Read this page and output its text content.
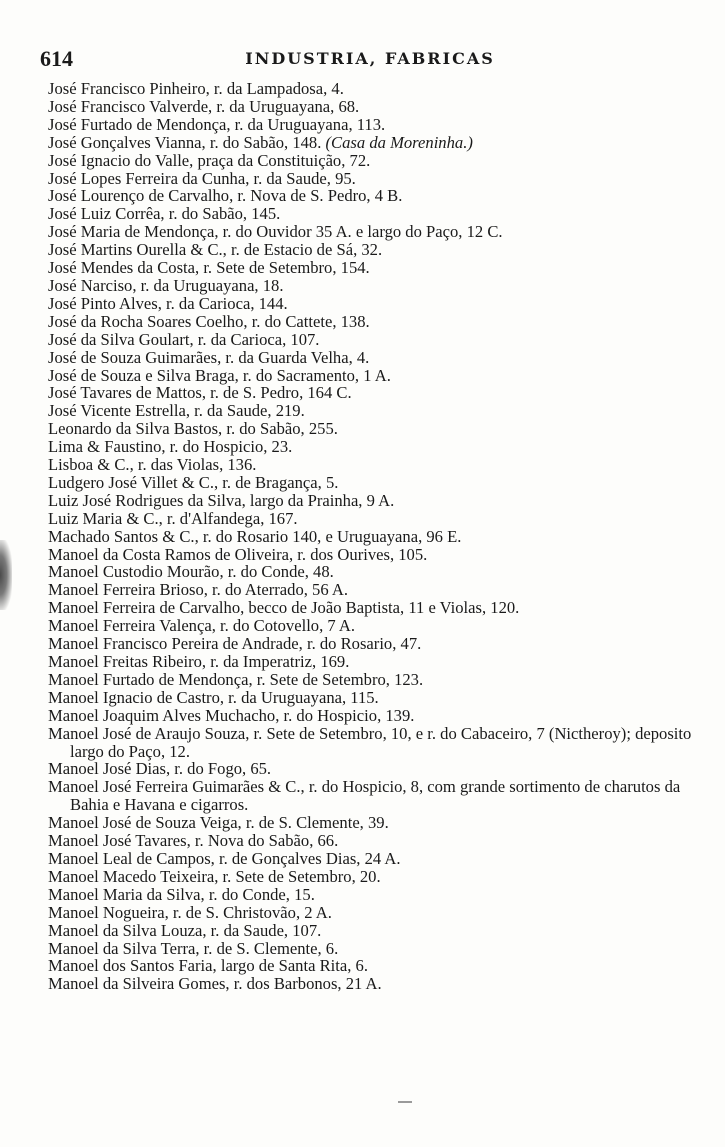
614	INDUSTRIA, FABRICAS
José Francisco Pinheiro, r. da Lampadosa, 4.
José Francisco Valverde, r. da Uruguayana, 68.
José Furtado de Mendonça, r. da Uruguayana, 113.
José Gonçalves Vianna, r. do Sabão, 148. (Casa da Moreninha.)
José Ignacio do Valle, praça da Constituição, 72.
José Lopes Ferreira da Cunha, r. da Saude, 95.
José Lourenço de Carvalho, r. Nova de S. Pedro, 4 B.
José Luiz Corrêa, r. do Sabão, 145.
José Maria de Mendonça, r. do Ouvidor 35 A. e largo do Paço, 12 C.
José Martins Ourella & C., r. de Estacio de Sá, 32.
José Mendes da Costa, r. Sete de Setembro, 154.
José Narciso, r. da Uruguayana, 18.
José Pinto Alves, r. da Carioca, 144.
José da Rocha Soares Coelho, r. do Cattete, 138.
José da Silva Goulart, r. da Carioca, 107.
José de Souza Guimarães, r. da Guarda Velha, 4.
José de Souza e Silva Braga, r. do Sacramento, 1 A.
José Tavares de Mattos, r. de S. Pedro, 164 C.
José Vicente Estrella, r. da Saude, 219.
Leonardo da Silva Bastos, r. do Sabão, 255.
Lima & Faustino, r. do Hospicio, 23.
Lisboa & C., r. das Violas, 136.
Ludgero José Villet & C., r. de Bragança, 5.
Luiz José Rodrigues da Silva, largo da Prainha, 9 A.
Luiz Maria & C., r. d'Alfandega, 167.
Machado Santos & C., r. do Rosario 140, e Uruguayana, 96 E.
Manoel da Costa Ramos de Oliveira, r. dos Ourives, 105.
Manoel Custodio Mourão, r. do Conde, 48.
Manoel Ferreira Brioso, r. do Aterrado, 56 A.
Manoel Ferreira de Carvalho, becco de João Baptista, 11 e Violas, 120.
Manoel Ferreira Valença, r. do Cotovello, 7 A.
Manoel Francisco Pereira de Andrade, r. do Rosario, 47.
Manoel Freitas Ribeiro, r. da Imperatriz, 169.
Manoel Furtado de Mendonça, r. Sete de Setembro, 123.
Manoel Ignacio de Castro, r. da Uruguayana, 115.
Manoel Joaquim Alves Muchacho, r. do Hospicio, 139.
Manoel José de Araujo Souza, r. Sete de Setembro, 10, e r. do Cabaceiro, 7 (Nictheroy); deposito largo do Paço, 12.
Manoel José Dias, r. do Fogo, 65.
Manoel José Ferreira Guimarães & C., r. do Hospicio, 8, com grande sortimento de charutos da Bahia e Havana e cigarros.
Manoel José de Souza Veiga, r. de S. Clemente, 39.
Manoel José Tavares, r. Nova do Sabão, 66.
Manoel Leal de Campos, r. de Gonçalves Dias, 24 A.
Manoel Macedo Teixeira, r. Sete de Setembro, 20.
Manoel Maria da Silva, r. do Conde, 15.
Manoel Nogueira, r. de S. Christovão, 2 A.
Manoel da Silva Louza, r. da Saude, 107.
Manoel da Silva Terra, r. de S. Clemente, 6.
Manoel dos Santos Faria, largo de Santa Rita, 6.
Manoel da Silveira Gomes, r. dos Barbonos, 21 A.
